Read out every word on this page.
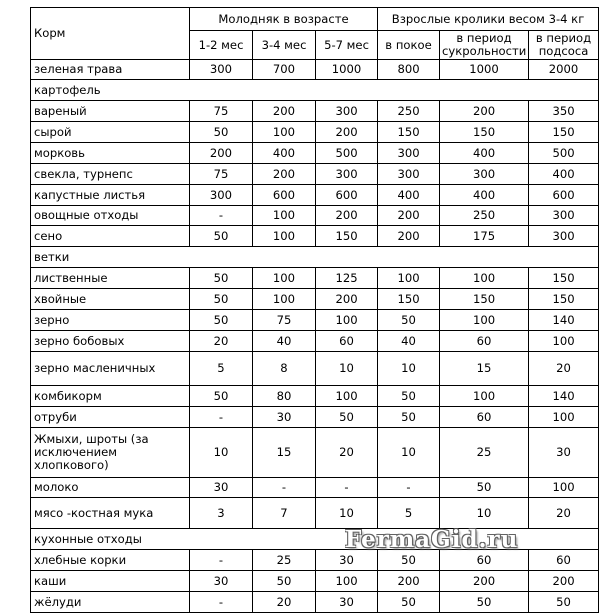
Корм	Молодняк в возрасте			Взрослые кролики весом 3-4 кг		
	1-2 мес	3-4 мес	5-7 мес	в покое	в период сукрольности	в период подсоса
зеленая трава	300	700	1000	800	1000	2000
картофель						
вареный	75	200	300	250	200	350
сырой	50	100	200	150	150	150
морковь	200	400	500	300	400	500
свекла, турнепс	75	200	300	300	300	400
капустные листья	300	600	600	400	400	600
овощные отходы	-	100	200	200	250	300
сено	50	100	150	200	175	300
ветки						
лиственные	50	100	125	100	100	150
хвойные	50	100	200	150	150	150
зерно	50	75	100	50	100	140
зерно бобовых	20	40	60	40	60	100
зерно масленичных	5	8	10	10	15	20
комбикорм	50	80	100	50	100	140
отруби	-	30	50	50	60	100
Жмыхи, шроты (за исключением хлопкового)	10	15	20	10	25	30
молоко	30	-	-	-	50	100
мясо -костная мука	3	7	10	5	10	20
кухонные отходы						
хлебные корки	-	25	30	50	60	60
каши	30	50	100	200	200	200
жёлуди	-	20	30	50	50	50
FermaGid.ru
